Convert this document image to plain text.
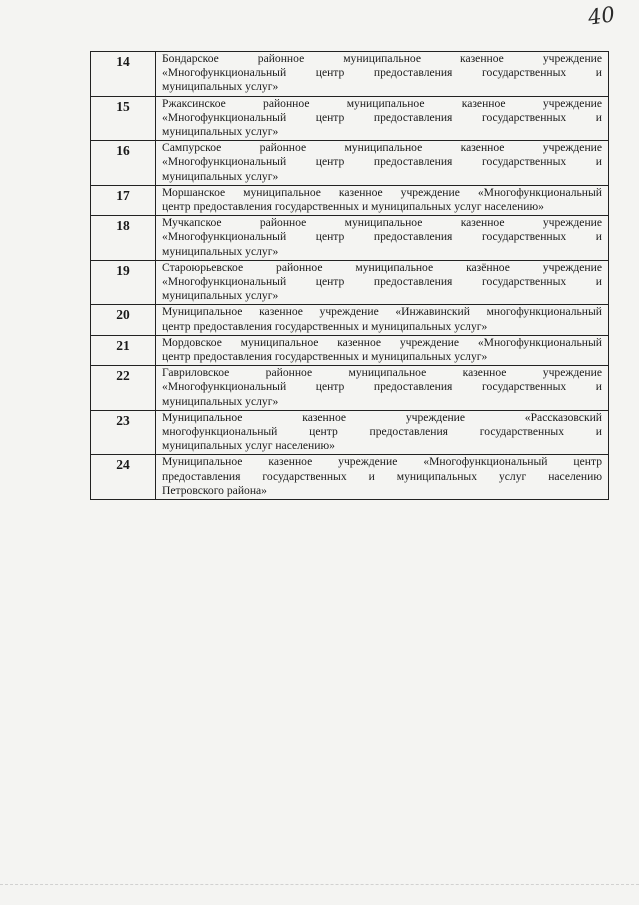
40
14	Бондарское районное муниципальное казенное учреждение
«Многофункциональный центр предоставления государственных и
муниципальных услуг»

15	Ржаксинское районное муниципальное казенное учреждение
«Многофункциональный центр предоставления государственных и
муниципальных услуг»

16	Сампурское районное муниципальное казенное учреждение
«Многофункциональный центр предоставления государственных и
муниципальных услуг»

17	Моршанское муниципальное казенное учреждение «Многофункциональный
центр предоставления государственных и муниципальных услуг населению»

18	Мучкапское районное муниципальное казенное учреждение
«Многофункциональный центр предоставления государственных и
муниципальных услуг»

19	Староюрьевское районное муниципальное казённое учреждение
«Многофункциональный центр предоставления государственных и
муниципальных услуг»

20	Муниципальное казенное учреждение «Инжавинский многофункциональный
центр предоставления государственных и муниципальных услуг»

21	Мордовское муниципальное казенное учреждение «Многофункциональный
центр предоставления государственных и муниципальных услуг»

22	Гавриловское районное муниципальное казенное учреждение
«Многофункциональный центр предоставления государственных и
муниципальных услуг»

23	Муниципальное казенное учреждение «Рассказовский
многофункциональный центр предоставления государственных и
муниципальных услуг населению»

24	Муниципальное казенное учреждение «Многофункциональный центр
предоставления государственных и муниципальных услуг населению
Петровского района»
